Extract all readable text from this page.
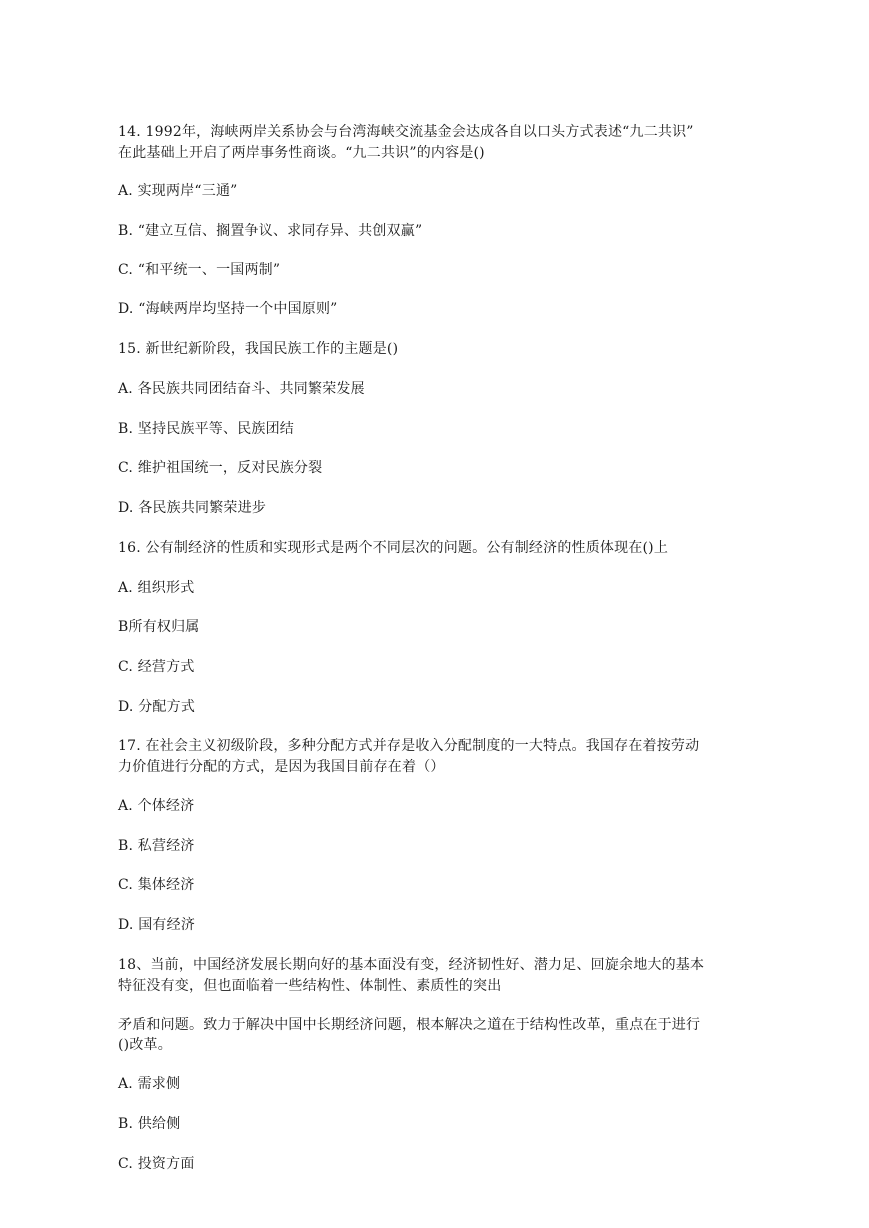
14. 1992年，海峡两岸关系协会与台湾海峡交流基金会达成各自以口头方式表述“九二共识”
在此基础上开启了两岸事务性商谈。“九二共识”的内容是()
A. 实现两岸“三通”
B. “建立互信、搁置争议、求同存异、共创双赢”
C. “和平统一、一国两制”
D. “海峡两岸均坚持一个中国原则”
15. 新世纪新阶段，我国民族工作的主题是()
A. 各民族共同团结奋斗、共同繁荣发展
B. 坚持民族平等、民族团结
C. 维护祖国统一，反对民族分裂
D. 各民族共同繁荣进步
16. 公有制经济的性质和实现形式是两个不同层次的问题。公有制经济的性质体现在()上
A. 组织形式
B所有权归属
C. 经营方式
D. 分配方式
17. 在社会主义初级阶段，多种分配方式并存是收入分配制度的一大特点。我国存在着按劳动
力价值进行分配的方式，是因为我国目前存在着（）
A. 个体经济
B. 私营经济
C. 集体经济
D. 国有经济
18、当前，中国经济发展长期向好的基本面没有变，经济韧性好、潜力足、回旋余地大的基本
特征没有变，但也面临着一些结构性、体制性、素质性的突出
矛盾和问题。致力于解决中国中长期经济问题，根本解决之道在于结构性改革，重点在于进行
()改革。
A. 需求侧
B. 供给侧
C. 投资方面
